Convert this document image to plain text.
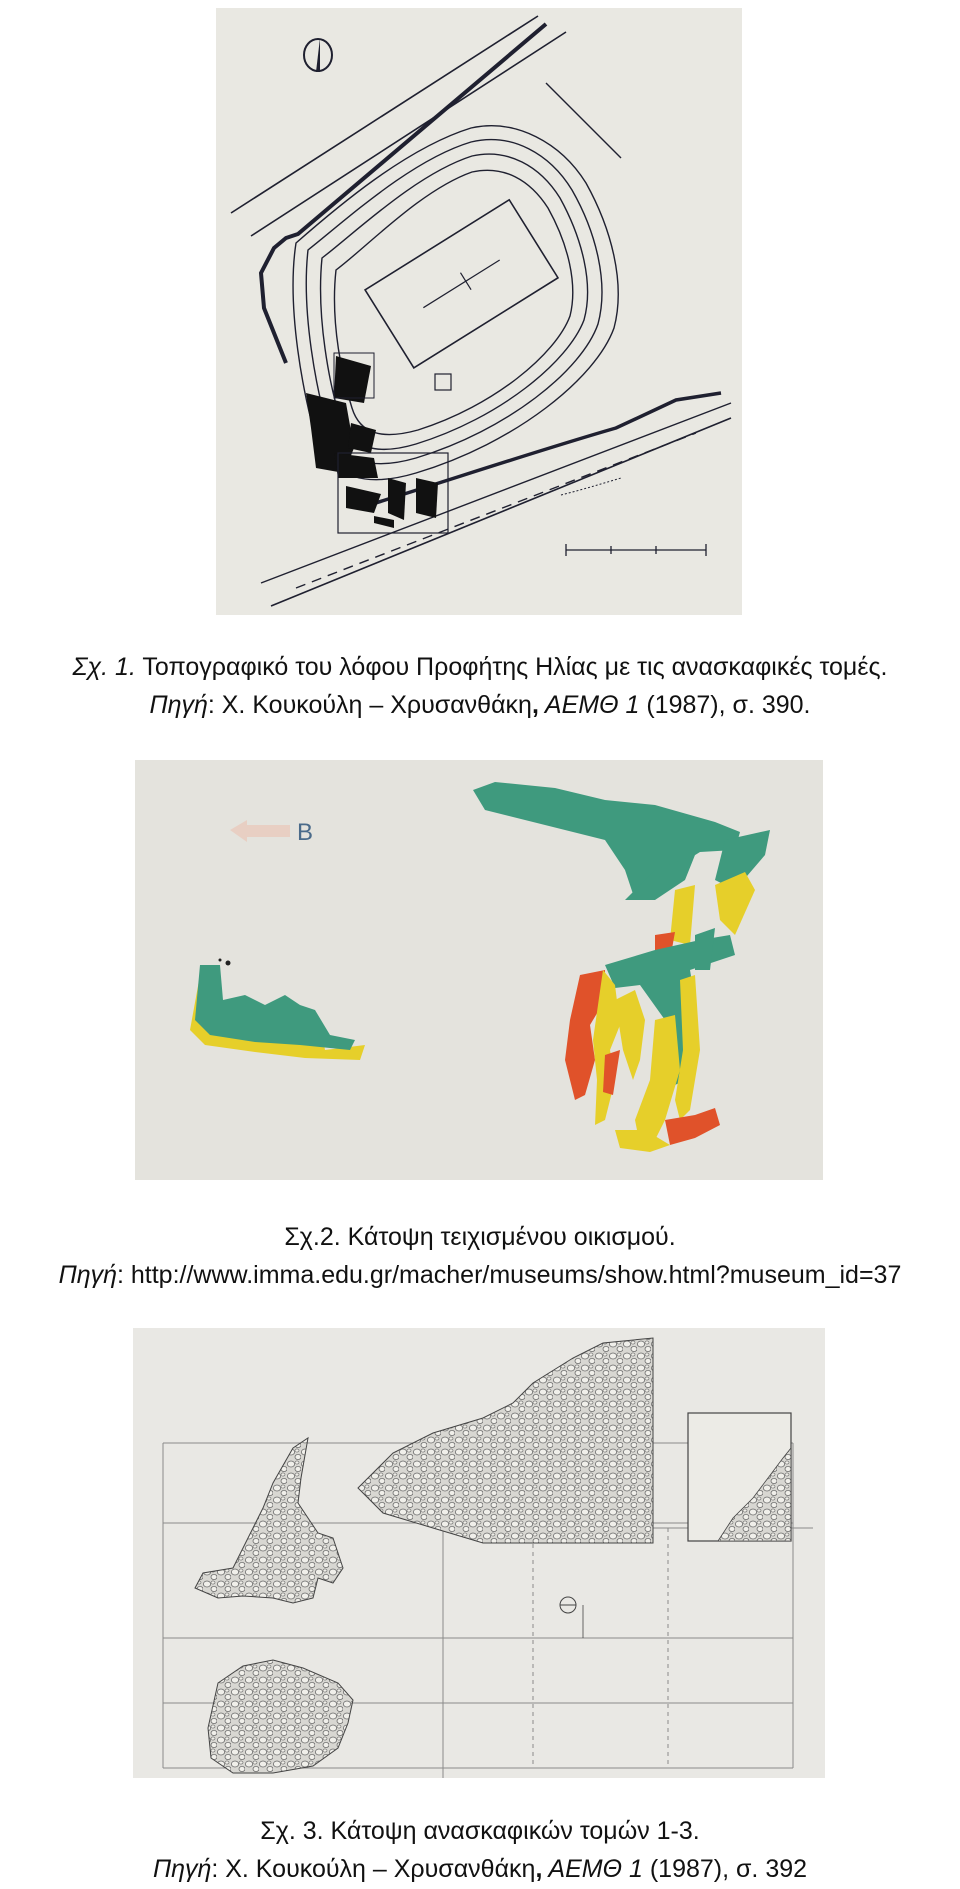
Σχ. 1. Τοπογραφικό του λόφου Προφήτης Ηλίας με τις ανασκαφικές τομές.
Πηγή: Χ. Κουκούλη – Χρυσανθάκη, ΑΕΜΘ 1 (1987), σ. 390.
Β
Σχ.2. Κάτοψη τειχισμένου οικισμού.
Πηγή: http://www.imma.edu.gr/macher/museums/show.html?museum_id=37
Σχ. 3. Κάτοψη ανασκαφικών τομών 1-3.
Πηγή: Χ. Κουκούλη – Χρυσανθάκη, ΑΕΜΘ 1 (1987), σ. 392
